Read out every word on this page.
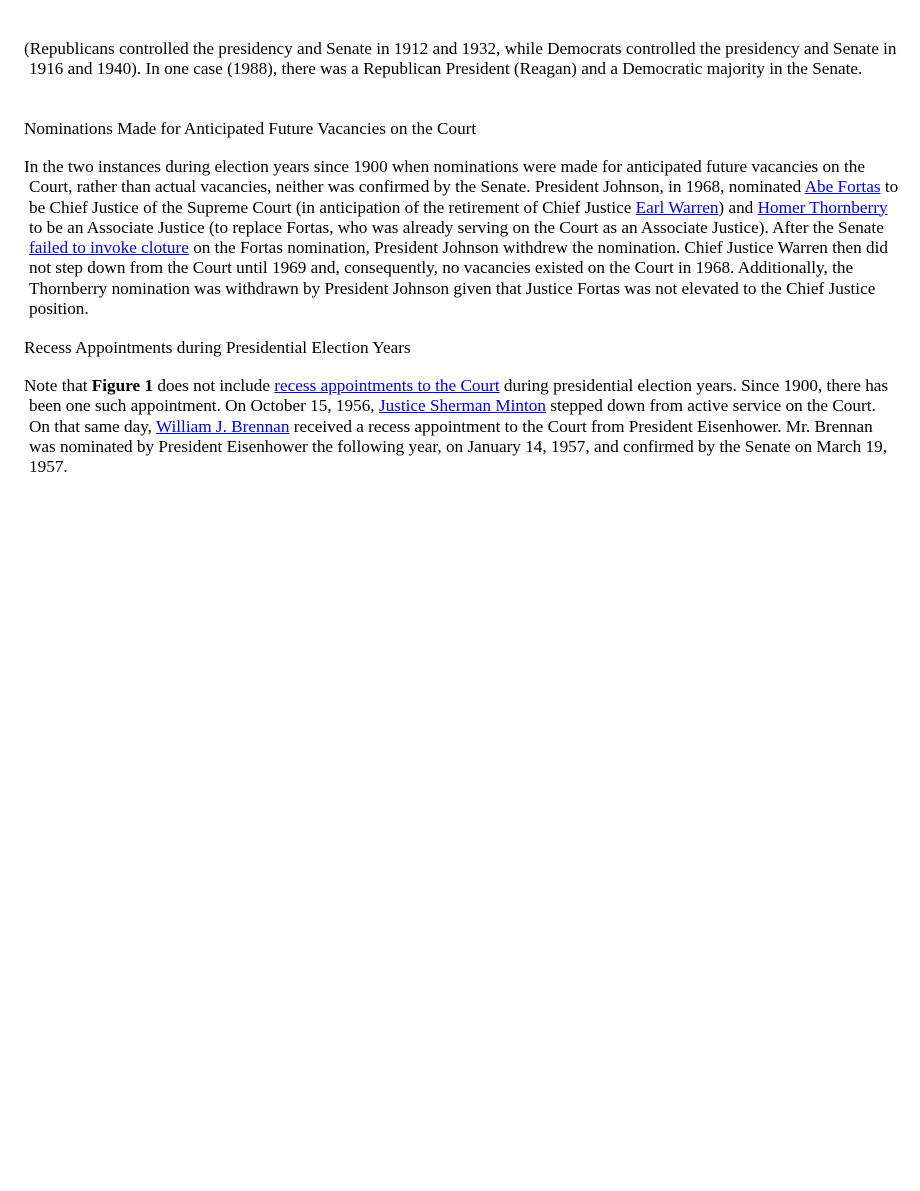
(Republicans controlled the presidency and Senate in 1912 and 1932, while Democrats controlled the presidency and Senate in 1916 and 1940). In one case (1988), there was a Republican President (Reagan) and a Democratic majority in the Senate.

Nominations Made for Anticipated Future Vacancies on the Court

In the two instances during election years since 1900 when nominations were made for anticipated future vacancies on the Court, rather than actual vacancies, neither was confirmed by the Senate. President Johnson, in 1968, nominated Abe Fortas to be Chief Justice of the Supreme Court (in anticipation of the retirement of Chief Justice Earl Warren) and Homer Thornberry to be an Associate Justice (to replace Fortas, who was already serving on the Court as an Associate Justice). After the Senate failed to invoke cloture on the Fortas nomination, President Johnson withdrew the nomination. Chief Justice Warren then did not step down from the Court until 1969 and, consequently, no vacancies existed on the Court in 1968. Additionally, the Thornberry nomination was withdrawn by President Johnson given that Justice Fortas was not elevated to the Chief Justice position.

Recess Appointments during Presidential Election Years

Note that Figure 1 does not include recess appointments to the Court during presidential election years. Since 1900, there has been one such appointment. On October 15, 1956, Justice Sherman Minton stepped down from active service on the Court. On that same day, William J. Brennan received a recess appointment to the Court from President Eisenhower. Mr. Brennan was nominated by President Eisenhower the following year, on January 14, 1957, and confirmed by the Senate on March 19, 1957.
